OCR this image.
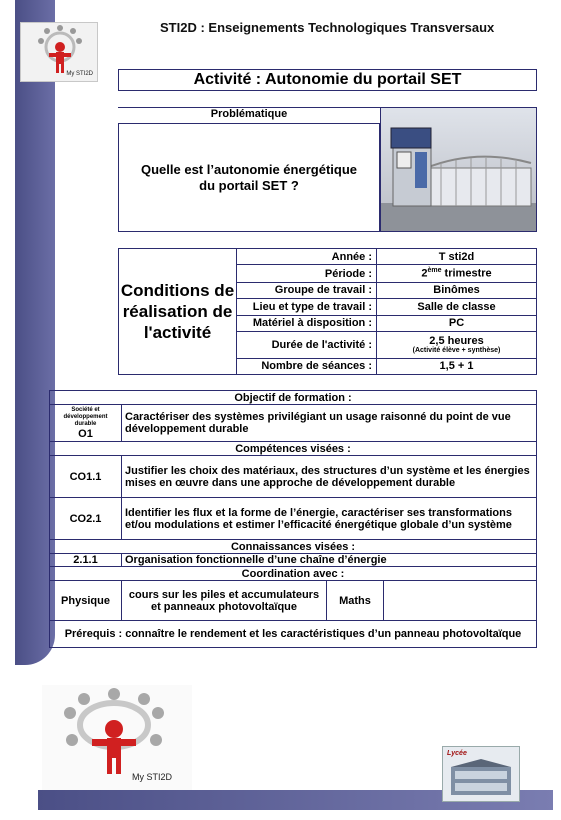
My STI2D
My STI2D
Lycée
STI2D : Enseignements Technologiques Transversaux
Activité : Autonomie du portail SET
Problématique
Quelle est l’autonomie énergétique du portail SET ?
Conditions de réalisation de l'activité	Année :	T sti2d
	Période :	2ème trimestre
	Groupe de travail :	Binômes
	Lieu et type de travail :	Salle de classe
	Matériel à disposition :	PC
	Durée de l'activité :	2,5 heures
(Activité élève + synthèse)

	Nombre de séances :	1,5 + 1
Objectif de formation :			

Société et développement durable
O1	Caractériser des systèmes privilégiant un usage raisonné du point de vue développement durable		
Compétences visées :			
CO1.1	Justifier les choix des matériaux, des structures d’un système et les énergies mises en œuvre dans une approche de développement durable		
CO2.1	Identifier les flux et la forme de l’énergie, caractériser ses transformations et/ou modulations et estimer l’efficacité énergétique globale d’un système		
Connaissances visées :			
2.1.1	Organisation fonctionnelle d’une chaîne d’énergie		
Coordination avec :			
Physique	cours sur les piles et accumulateurs et panneaux photovoltaïque	Maths	
Prérequis : connaître le rendement et les caractéristiques d’un panneau photovoltaïque			
